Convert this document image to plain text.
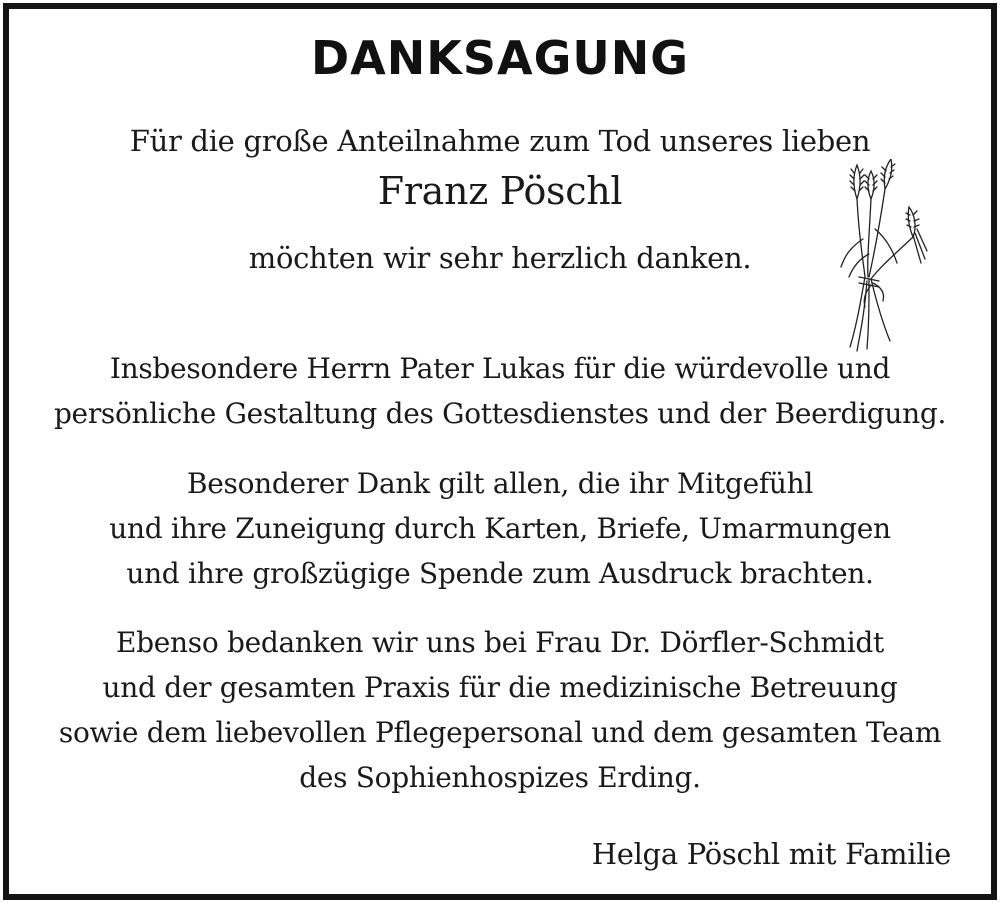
DANKSAGUNG
Für die große Anteilnahme zum Tod unseres lieben
Franz Pöschl
möchten wir sehr herzlich danken.
Insbesondere Herrn Pater Lukas für die würdevolle und
persönliche Gestaltung des Gottesdienstes und der Beerdigung.
Besonderer Dank gilt allen, die ihr Mitgefühl
und ihre Zuneigung durch Karten, Briefe, Umarmungen
und ihre großzügige Spende zum Ausdruck brachten.
Ebenso bedanken wir uns bei Frau Dr. Dörfler-Schmidt
und der gesamten Praxis für die medizinische Betreuung
sowie dem liebevollen Pflegepersonal und dem gesamten Team
des Sophienhospizes Erding.
Helga Pöschl mit Familie
